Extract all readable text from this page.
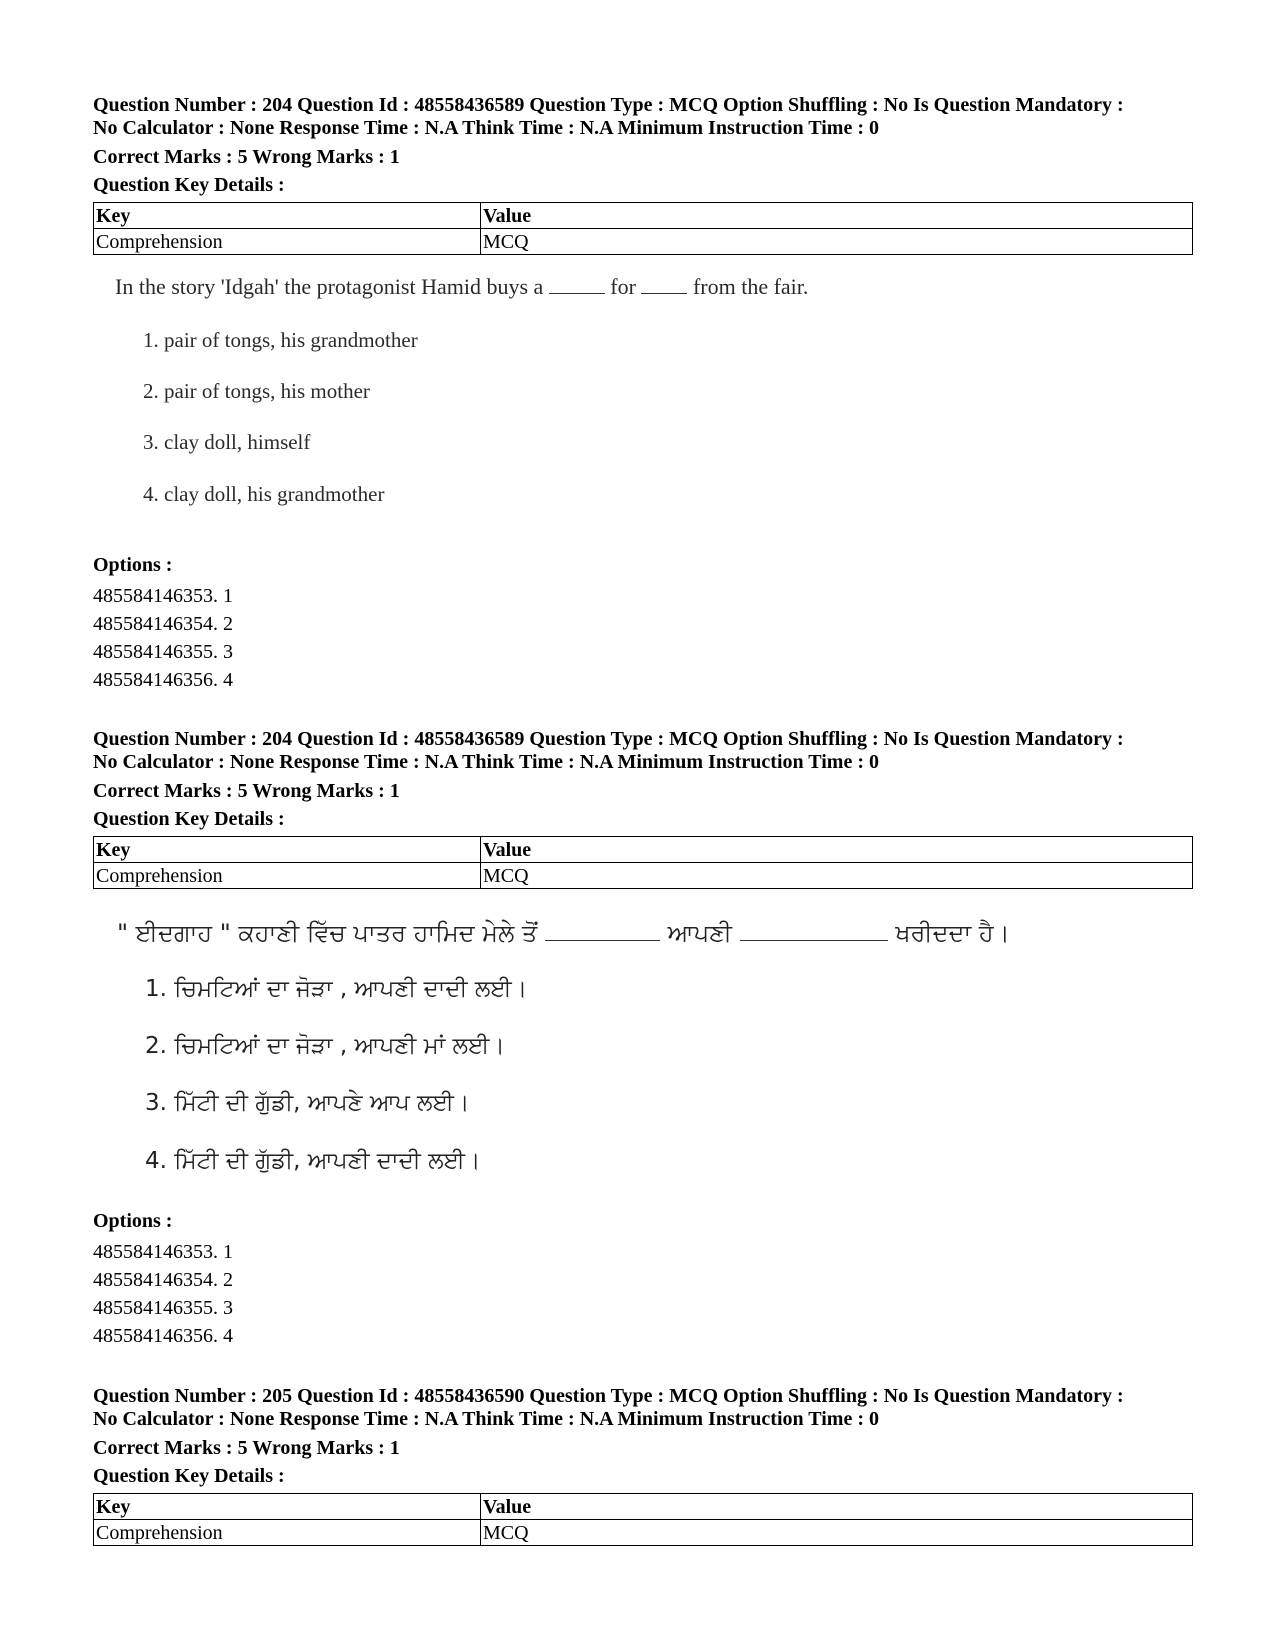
Question Number : 204 Question Id : 48558436589 Question Type : MCQ Option Shuffling : No Is Question Mandatory :
No Calculator : None Response Time : N.A Think Time : N.A Minimum Instruction Time : 0

Correct Marks : 5 Wrong Marks : 1

Question Key Details :

Key	Value
Comprehension	MCQ
In the story 'Idgah' the protagonist Hamid buys a	for	from the fair.
1. pair of tongs, his grandmother
2. pair of tongs, his mother
3. clay doll, himself
4. clay doll, his grandmother

Options :

485584146353. 1

485584146354. 2

485584146355. 3

485584146356. 4

Question Number : 204 Question Id : 48558436589 Question Type : MCQ Option Shuffling : No Is Question Mandatory :
No Calculator : None Response Time : N.A Think Time : N.A Minimum Instruction Time : 0

Correct Marks : 5 Wrong Marks : 1

Question Key Details :

Key	Value
Comprehension	MCQ
" ਈਦਗਾਹ " ਕਹਾਣੀ ਵਿੱਚ ਪਾਤਰ ਹਾਮਿਦ ਮੇਲੇ ਤੋਂ	ਆਪਣੀ	ਖਰੀਦਦਾ ਹੈ।
1. ਚਿਮਟਿਆਂ ਦਾ ਜੋੜਾ , ਆਪਣੀ ਦਾਦੀ ਲਈ।
2. ਚਿਮਟਿਆਂ ਦਾ ਜੋੜਾ , ਆਪਣੀ ਮਾਂ ਲਈ।
3. ਮਿੱਟੀ ਦੀ ਗੁੱਡੀ, ਆਪਣੇ ਆਪ ਲਈ।
4. ਮਿੱਟੀ ਦੀ ਗੁੱਡੀ, ਆਪਣੀ ਦਾਦੀ ਲਈ।

Options :

485584146353. 1

485584146354. 2

485584146355. 3

485584146356. 4

Question Number : 205 Question Id : 48558436590 Question Type : MCQ Option Shuffling : No Is Question Mandatory :
No Calculator : None Response Time : N.A Think Time : N.A Minimum Instruction Time : 0

Correct Marks : 5 Wrong Marks : 1

Question Key Details :

Key	Value
Comprehension	MCQ
